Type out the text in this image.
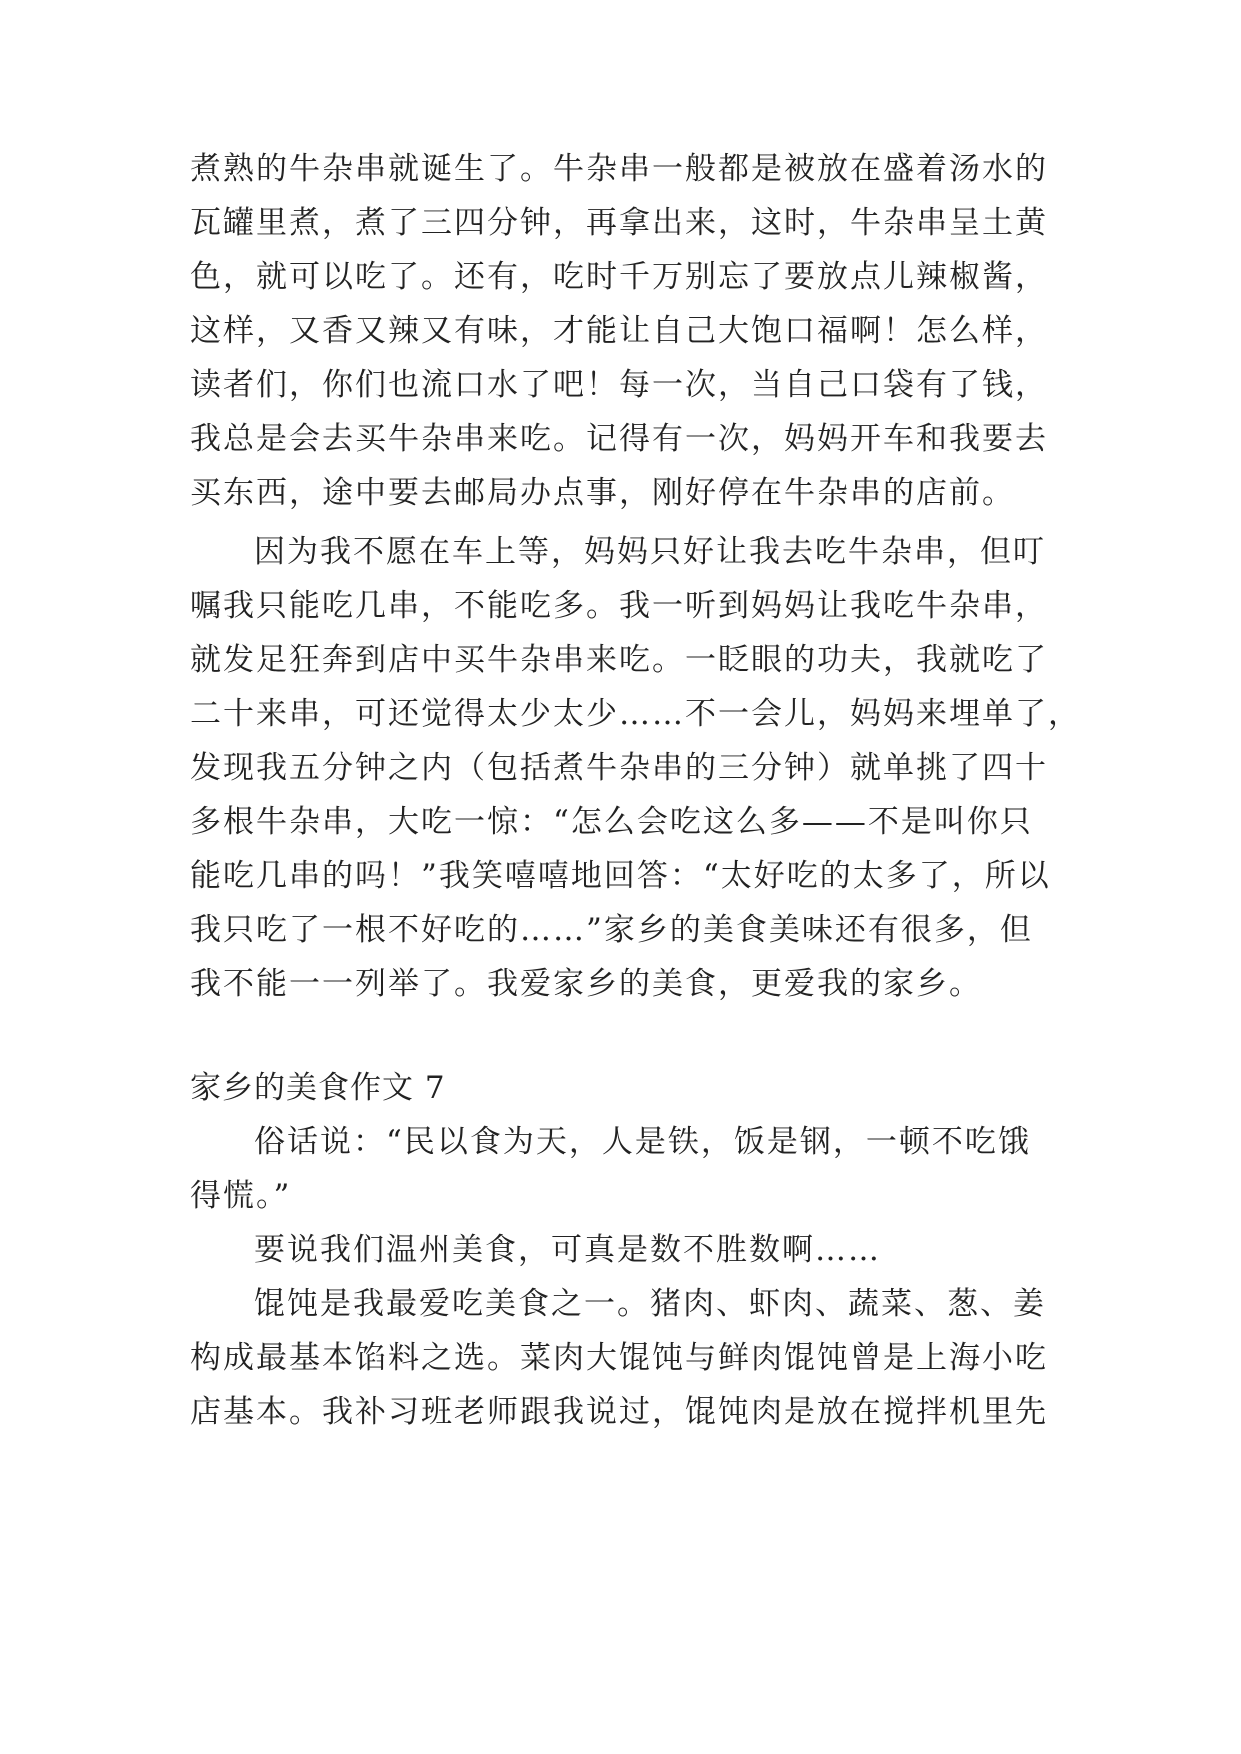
煮熟的牛杂串就诞生了。牛杂串一般都是被放在盛着汤水的
瓦罐里煮，煮了三四分钟，再拿出来，这时，牛杂串呈土黄
色，就可以吃了。还有，吃时千万别忘了要放点儿辣椒酱，
这样，又香又辣又有味，才能让自己大饱口福啊！怎么样，
读者们，你们也流口水了吧！每一次，当自己口袋有了钱，
我总是会去买牛杂串来吃。记得有一次，妈妈开车和我要去
买东西，途中要去邮局办点事，刚好停在牛杂串的店前。
因为我不愿在车上等，妈妈只好让我去吃牛杂串，但叮
嘱我只能吃几串，不能吃多。我一听到妈妈让我吃牛杂串，
就发足狂奔到店中买牛杂串来吃。一眨眼的功夫，我就吃了
二十来串，可还觉得太少太少……不一会儿，妈妈来埋单了，
发现我五分钟之内（包括煮牛杂串的三分钟）就单挑了四十
多根牛杂串，大吃一惊：“怎么会吃这么多——不是叫你只
能吃几串的吗！”我笑嘻嘻地回答：“太好吃的太多了，所以
我只吃了一根不好吃的……”家乡的美食美味还有很多，但
我不能一一列举了。我爱家乡的美食，更爱我的家乡。
家乡的美食作文 7
俗话说：“民以食为天，人是铁，饭是钢，一顿不吃饿
得慌。”
要说我们温州美食，可真是数不胜数啊……
馄饨是我最爱吃美食之一。猪肉、虾肉、蔬菜、葱、姜
构成最基本馅料之选。菜肉大馄饨与鲜肉馄饨曾是上海小吃
店基本。我补习班老师跟我说过，馄饨肉是放在搅拌机里先
